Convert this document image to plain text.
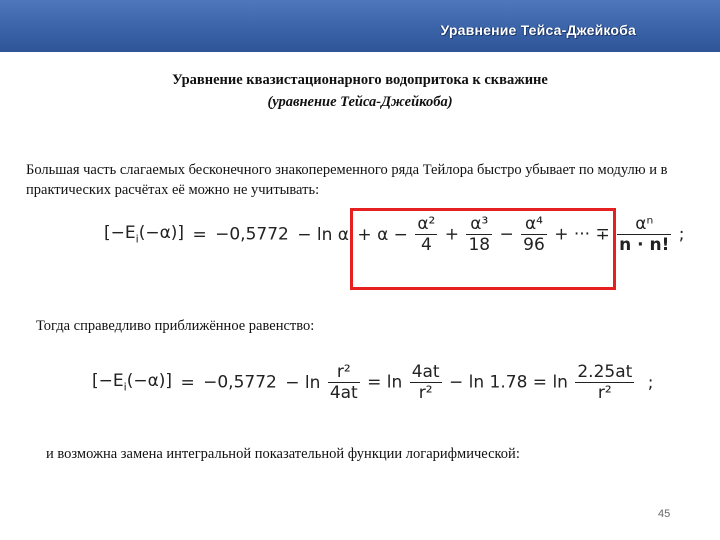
Уравнение Тейса-Джейкоба
Уравнение квазистационарного водопритока к скважине
(уравнение Тейса-Джейкоба)
Большая часть слагаемых бесконечного знакопеременного ряда Тейлора быстро убывает по модулю и в практических расчётах её можно не учитывать:
$[-E_i(-\alpha)] = -0,5772 - \ln \alpha + \alpha - \frac{\text{α²}}{4} + \frac{\text{α³}}{18} - \frac{\text{α⁴}}{96}$ + ··· ∓ $\frac{\text{αⁿ}}{n \cdot n!}$ ;
Тогда справедливо приближённое равенство:
$[-E_i(-\alpha)] = -0,5772 - \ln \frac{\text{r²}}{4at} = \ln \frac{4at}{\text{r²}} - \ln 1.78 = \ln \frac{2.25at}{\text{r²}}$ ;
и возможна замена интегральной показательной функции логарифмической:
45
